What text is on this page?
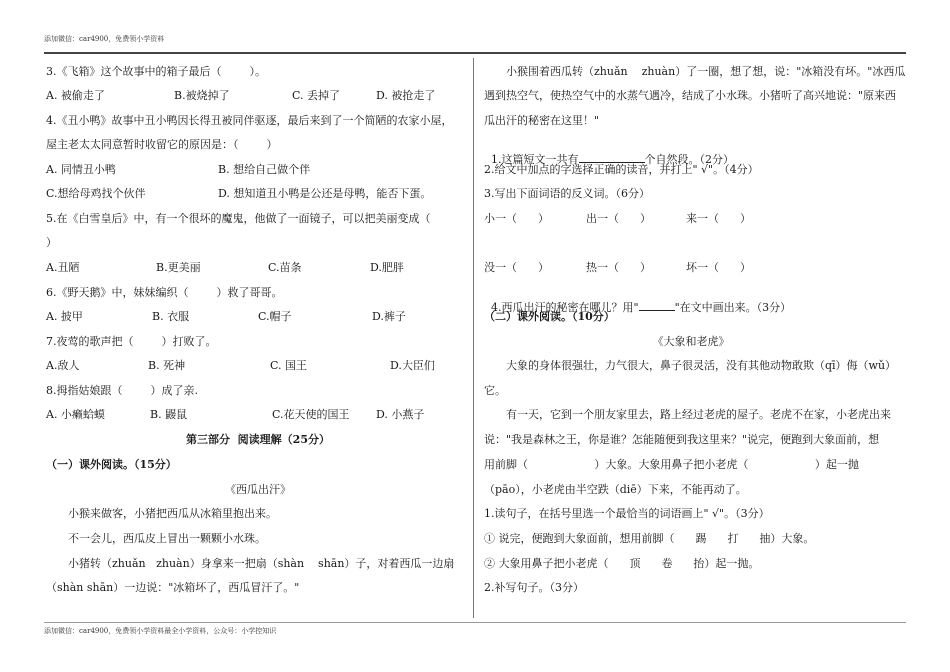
添加微信：car4900，免费领小学资料
3.《飞箱》这个故事中的箱子最后（        ）。
A. 被偷走了	B.被烧掉了	C. 丢掉了	D. 被抢走了
4.《丑小鸭》故事中丑小鸭因长得丑被同伴驱逐，最后来到了一个简陋的农家小屋，
屋主老太太同意暂时收留它的原因是：（        ）
A. 同情丑小鸭	B. 想给自己做个伴
C.想给母鸡找个伙伴	D. 想知道丑小鸭是公还是母鸭，能否下蛋。
5.在《白雪皇后》中，有一个很坏的魔鬼，他做了一面镜子，可以把美丽变成（
）
A.丑陋	B.更美丽	C.苗条	D.肥胖
6.《野天鹅》中，妹妹编织（        ）救了哥哥。
A. 披甲	B. 衣服	C.帽子	D.裤子
7.夜莺的歌声把（        ）打败了。
A.敌人	B. 死神	C. 国王	D.大臣们
8.拇指姑娘跟（        ）成了亲.
A. 小癞蛤蟆	B. 鼹鼠	C.花天使的国王 D. 小燕子
第三部分  阅读理解（25分）
（一）课外阅读。（15分）
《西瓜出汗》
小猴来做客，小猪把西瓜从冰箱里抱出来。
不一会儿，西瓜皮上冒出一颗颗小水珠。
小猪转（zhuǎn   zhuàn）身拿来一把扇（shàn    shān）子，对着西瓜一边扇
（shàn shān）一边说："冰箱坏了，西瓜冒汗了。"
小猴围着西瓜转（zhuǎn    zhuàn）了一圈，想了想，说："冰箱没有坏。"冰西瓜
遇到热空气，使热空气中的水蒸气遇冷，结成了小水珠。小猪听了高兴地说："原来西
瓜出汗的秘密在这里！"

1.这篇短文一共有	个自然段。（2分）

2.给文中加点的字选择正确的读音，并打上" √"。（4分）
3.写出下面词语的反义词。（6分）
小一（      ）	出一（      ）	来一（      ）
没一（      ）	热一（      ）	坏一（      ）

4.西瓜出汗的秘密在哪儿？用"	"在文中画出来。（3分）

（二）课外阅读。（10分）
《大象和老虎》
大象的身体很强壮，力气很大，鼻子很灵活，没有其他动物敢欺（qī）侮（wǔ）
它。
有一天，它到一个朋友家里去，路上经过老虎的屋子。老虎不在家，小老虎出来
说："我是森林之王，你是谁？怎能随便到我这里来？"说完，便跑到大象面前，想
用前脚（                   ）大象。大象用鼻子把小老虎（                   ）起一抛
（pāo），小老虎由半空跌（diē）下来，不能再动了。
1.读句子，在括号里选一个最恰当的词语画上" √"。（3分）
① 说完，便跑到大象面前，想用前脚（      踢      打      抽）大象。
② 大象用鼻子把小老虎（      顶      卷      抬）起一抛。
2.补写句子。（3分）
添加微信：car4900，免费领小学资料最全小学资料，公众号：小学控知识
